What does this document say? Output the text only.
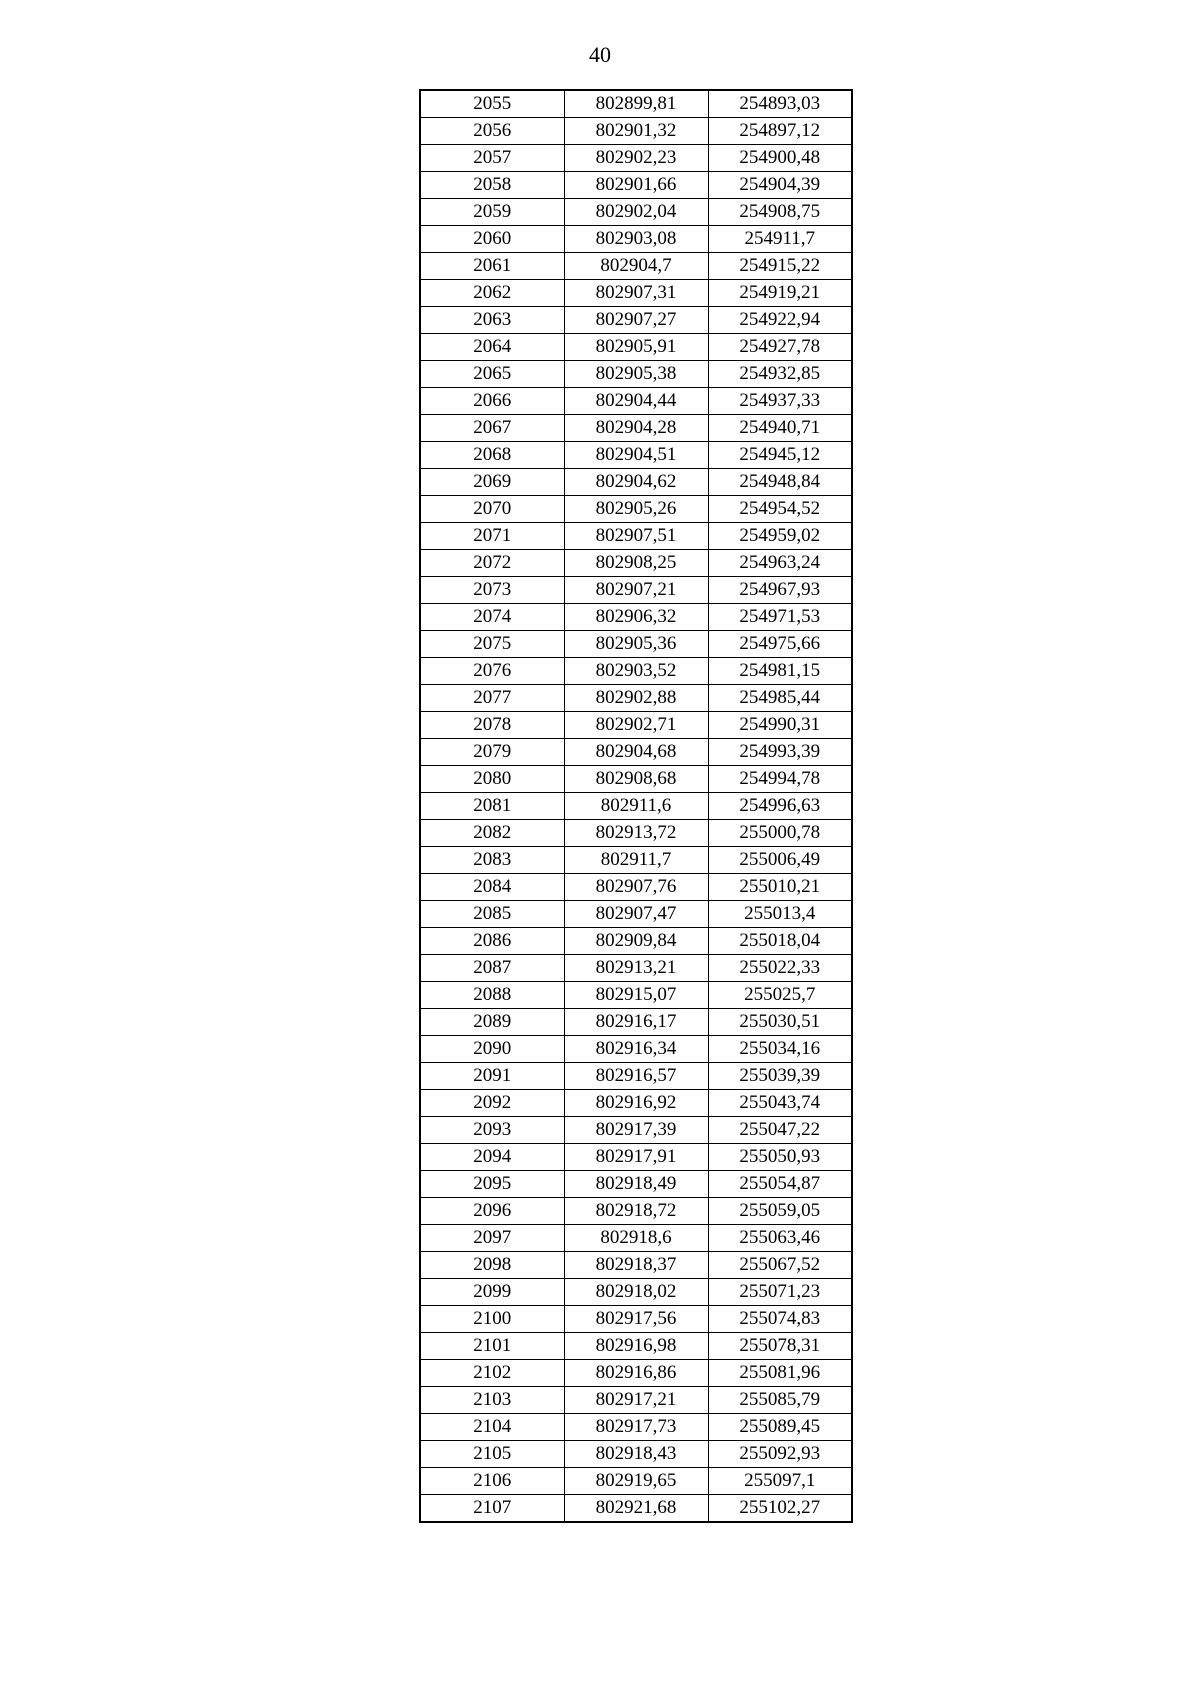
40
2055	802899,81	254893,03
2056	802901,32	254897,12
2057	802902,23	254900,48
2058	802901,66	254904,39
2059	802902,04	254908,75
2060	802903,08	254911,7
2061	802904,7	254915,22
2062	802907,31	254919,21
2063	802907,27	254922,94
2064	802905,91	254927,78
2065	802905,38	254932,85
2066	802904,44	254937,33
2067	802904,28	254940,71
2068	802904,51	254945,12
2069	802904,62	254948,84
2070	802905,26	254954,52
2071	802907,51	254959,02
2072	802908,25	254963,24
2073	802907,21	254967,93
2074	802906,32	254971,53
2075	802905,36	254975,66
2076	802903,52	254981,15
2077	802902,88	254985,44
2078	802902,71	254990,31
2079	802904,68	254993,39
2080	802908,68	254994,78
2081	802911,6	254996,63
2082	802913,72	255000,78
2083	802911,7	255006,49
2084	802907,76	255010,21
2085	802907,47	255013,4
2086	802909,84	255018,04
2087	802913,21	255022,33
2088	802915,07	255025,7
2089	802916,17	255030,51
2090	802916,34	255034,16
2091	802916,57	255039,39
2092	802916,92	255043,74
2093	802917,39	255047,22
2094	802917,91	255050,93
2095	802918,49	255054,87
2096	802918,72	255059,05
2097	802918,6	255063,46
2098	802918,37	255067,52
2099	802918,02	255071,23
2100	802917,56	255074,83
2101	802916,98	255078,31
2102	802916,86	255081,96
2103	802917,21	255085,79
2104	802917,73	255089,45
2105	802918,43	255092,93
2106	802919,65	255097,1
2107	802921,68	255102,27
